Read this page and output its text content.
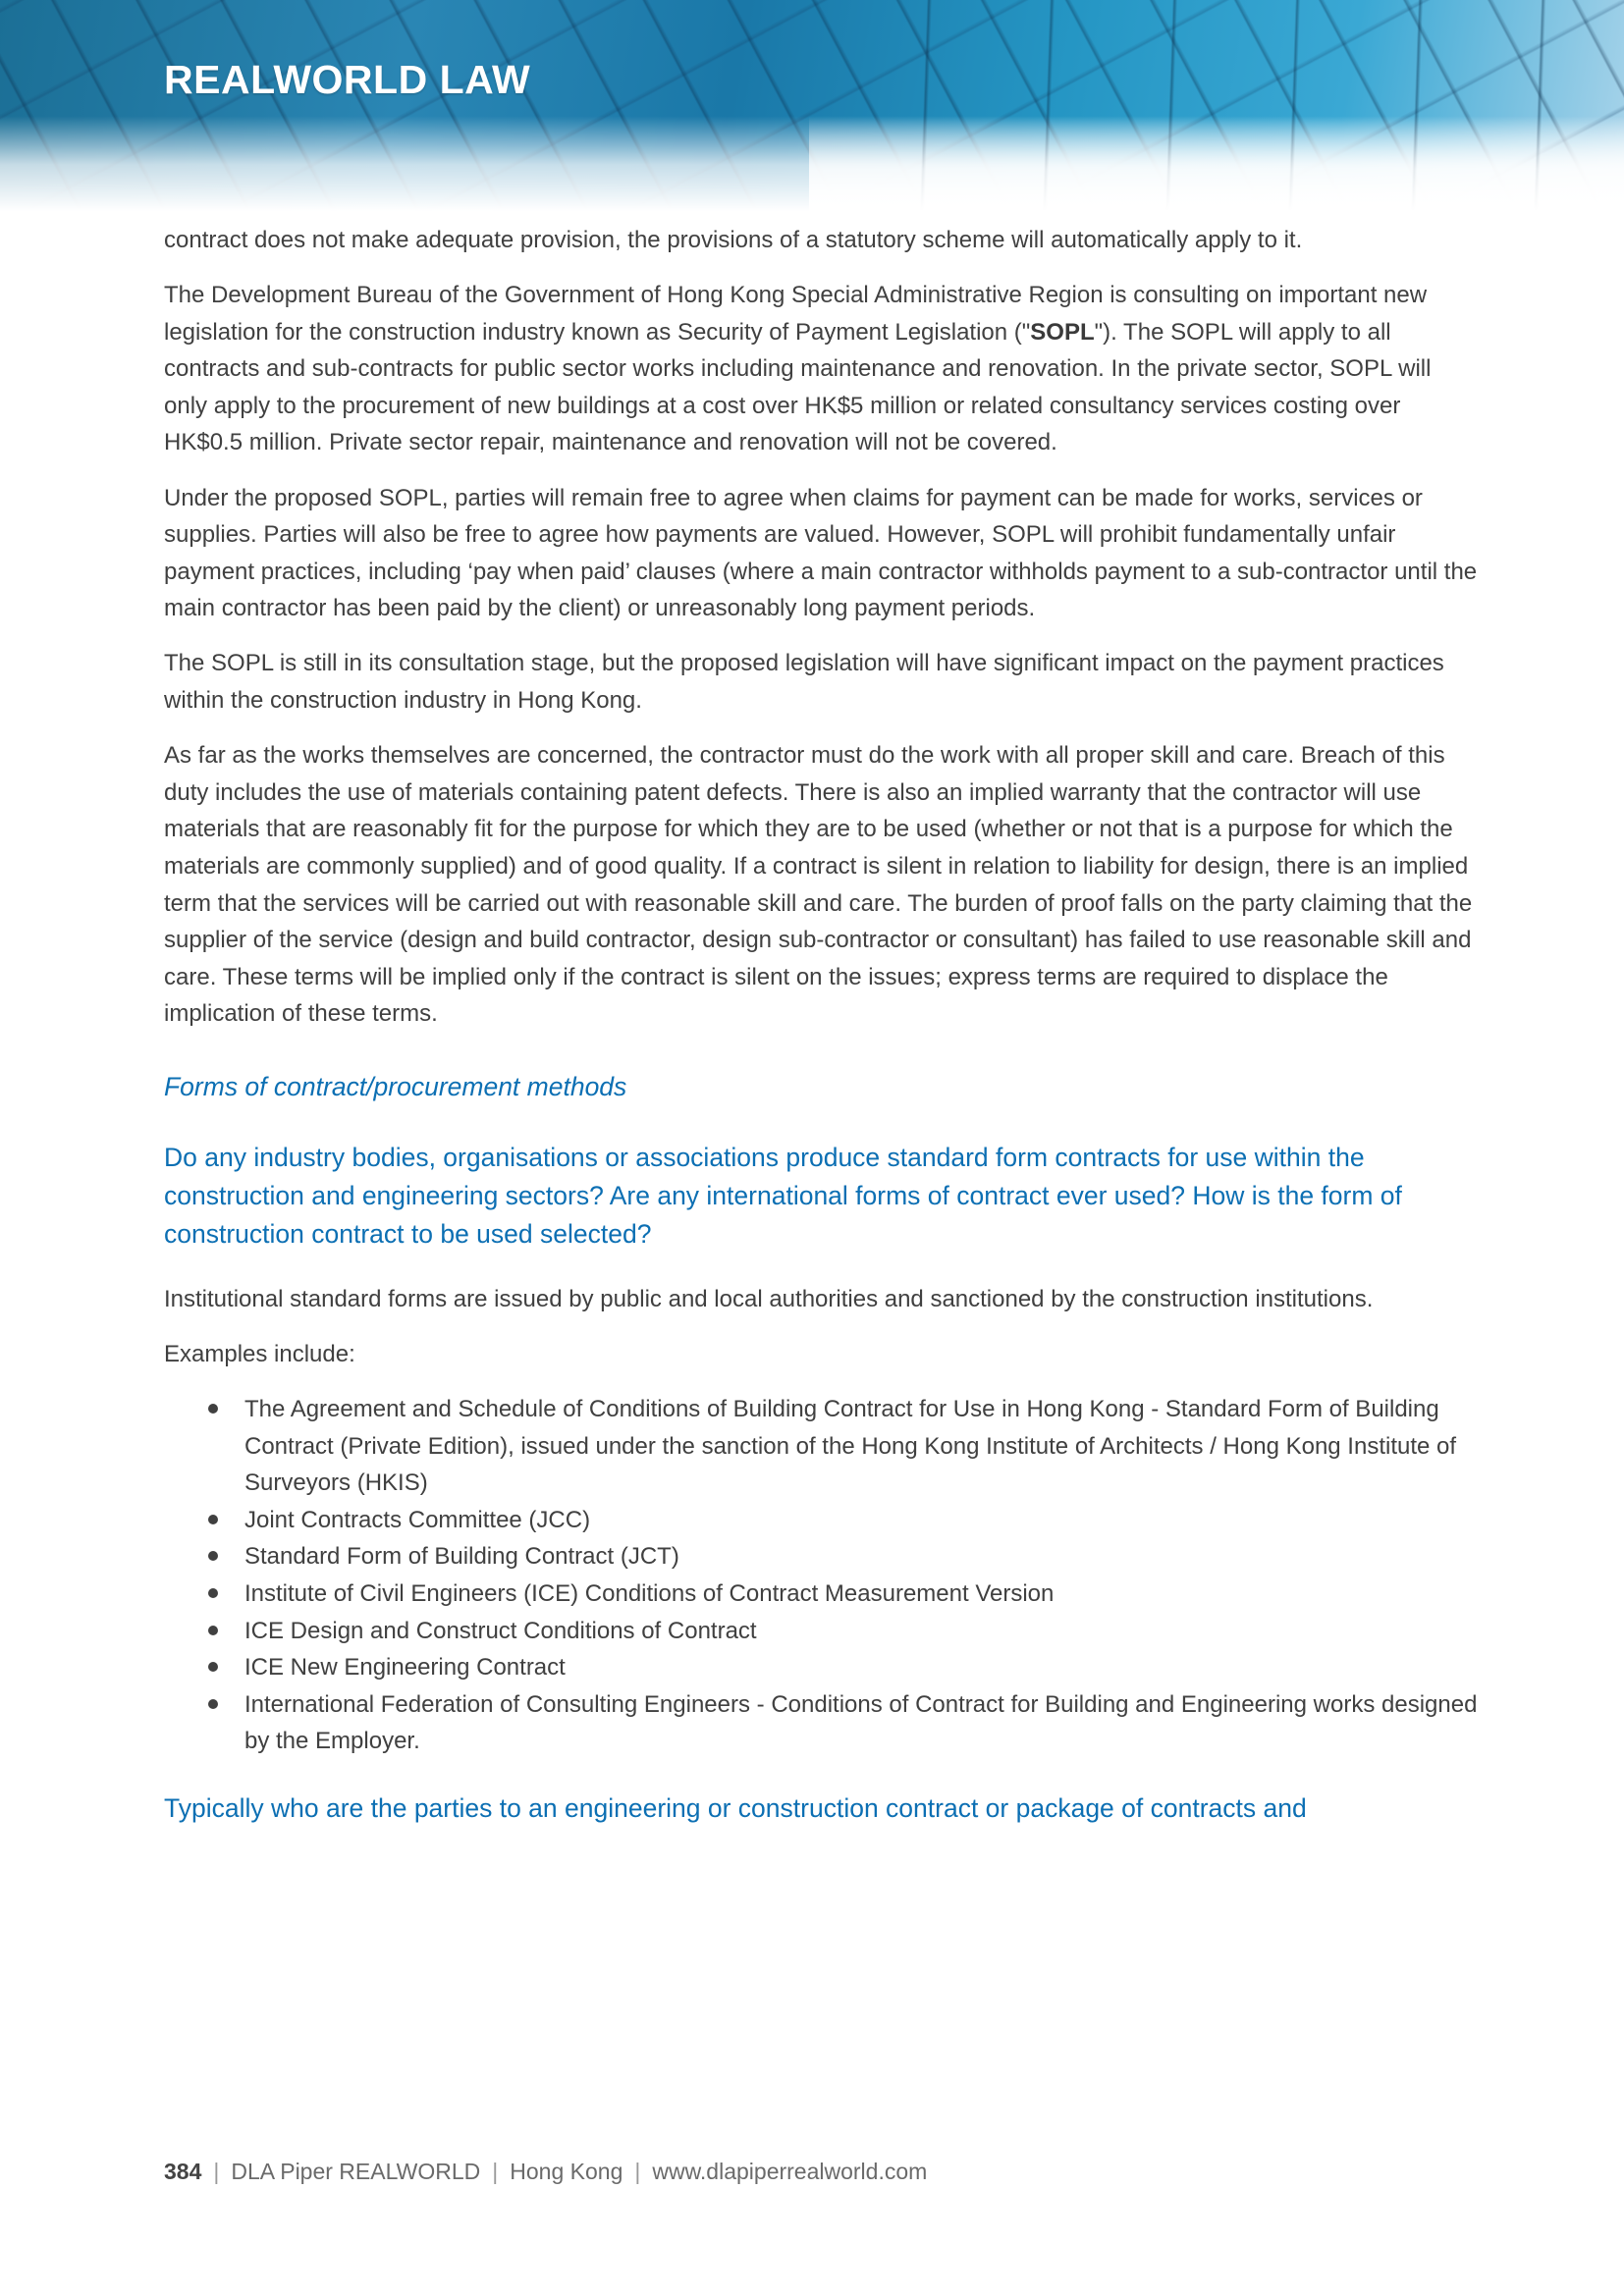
REALWORLD LAW

contract does not make adequate provision, the provisions of a statutory scheme will automatically apply to it.

The Development Bureau of the Government of Hong Kong Special Administrative Region is consulting on important new legislation for the construction industry known as Security of Payment Legislation ("SOPL"). The SOPL will apply to all contracts and sub-contracts for public sector works including maintenance and renovation. In the private sector, SOPL will only apply to the procurement of new buildings at a cost over HK$5 million or related consultancy services costing over HK$0.5 million. Private sector repair, maintenance and renovation will not be covered.

Under the proposed SOPL, parties will remain free to agree when claims for payment can be made for works, services or supplies. Parties will also be free to agree how payments are valued. However, SOPL will prohibit fundamentally unfair payment practices, including ‘pay when paid’ clauses (where a main contractor withholds payment to a sub-contractor until the main contractor has been paid by the client) or unreasonably long payment periods.

The SOPL is still in its consultation stage, but the proposed legislation will have significant impact on the payment practices within the construction industry in Hong Kong.

As far as the works themselves are concerned, the contractor must do the work with all proper skill and care. Breach of this duty includes the use of materials containing patent defects. There is also an implied warranty that the contractor will use materials that are reasonably fit for the purpose for which they are to be used (whether or not that is a purpose for which the materials are commonly supplied) and of good quality. If a contract is silent in relation to liability for design, there is an implied term that the services will be carried out with reasonable skill and care. The burden of proof falls on the party claiming that the supplier of the service (design and build contractor, design sub-contractor or consultant) has failed to use reasonable skill and care. These terms will be implied only if the contract is silent on the issues; express terms are required to displace the implication of these terms.

Forms of contract/procurement methods
Do any industry bodies, organisations or associations produce standard form contracts for use within the construction and engineering sectors? Are any international forms of contract ever used? How is the form of construction contract to be used selected?

Institutional standard forms are issued by public and local authorities and sanctioned by the construction institutions.

Examples include:

The Agreement and Schedule of Conditions of Building Contract for Use in Hong Kong - Standard Form of Building Contract (Private Edition), issued under the sanction of the Hong Kong Institute of Architects / Hong Kong Institute of Surveyors (HKIS)
Joint Contracts Committee (JCC)
Standard Form of Building Contract (JCT)
Institute of Civil Engineers (ICE) Conditions of Contract Measurement Version
ICE Design and Construct Conditions of Contract
ICE New Engineering Contract
International Federation of Consulting Engineers - Conditions of Contract for Building and Engineering works designed by the Employer.
Typically who are the parties to an engineering or construction contract or package of contracts and
384 | DLA Piper REALWORLD | Hong Kong | www.dlapiperrealworld.com
